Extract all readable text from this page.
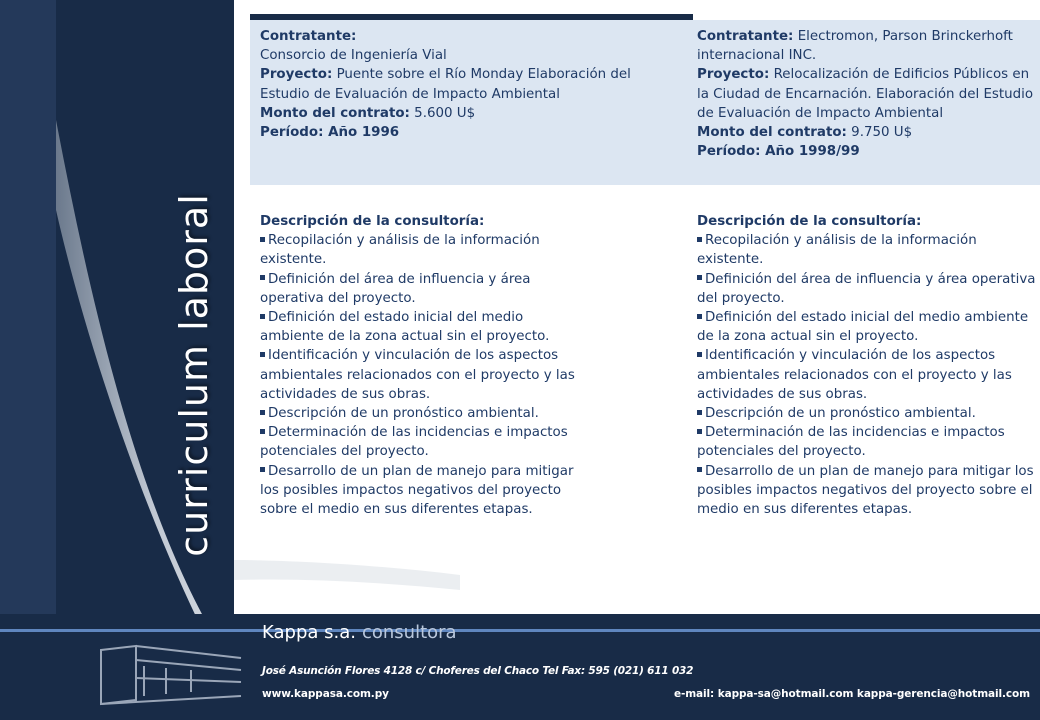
curriculum laboral

Contratante:

Consorcio de Ingeniería Vial

Proyecto: Puente sobre el Río Monday Elaboración del Estudio de Evaluación de Impacto Ambiental

Monto del contrato: 5.600 U$

Período: Año 1996

Contratante: Electromon, Parson Brinckerhoft internacional INC.

Proyecto: Relocalización de Edificios Públicos en la Ciudad de Encarnación. Elaboración del Estudio de Evaluación de Impacto Ambiental

Monto del contrato: 9.750 U$

Período: Año 1998/99

Descripción de la consultoría:

Recopilación y análisis de la información existente.

Definición del área de influencia y área operativa del proyecto.

Definición del estado inicial del medio ambiente de la zona actual sin el proyecto.

Identificación y vinculación de los aspectos ambientales relacionados con el proyecto y las actividades de sus obras.

Descripción de un pronóstico ambiental.

Determinación de las incidencias e impactos potenciales del proyecto.

Desarrollo de un plan de manejo para mitigar los posibles impactos negativos del proyecto sobre el medio en sus diferentes etapas.

Descripción de la consultoría:

Recopilación y análisis de la información existente.

Definición del área de influencia y área operativa del proyecto.

Definición del estado inicial del medio ambiente de la zona actual sin el proyecto.

Identificación y vinculación de los aspectos ambientales relacionados con el proyecto y las actividades de sus obras.

Descripción de un pronóstico ambiental.

Determinación de las incidencias e impactos potenciales del proyecto.

Desarrollo de un plan de manejo para mitigar los posibles impactos negativos del proyecto sobre el medio en sus diferentes etapas.

Kappa s.a. consultora
José Asunción Flores 4128 c/ Choferes del Chaco Tel Fax: 595 (021) 611 032
www.kappasa.com.py	e-mail: kappa-sa@hotmail.com kappa-gerencia@hotmail.com
